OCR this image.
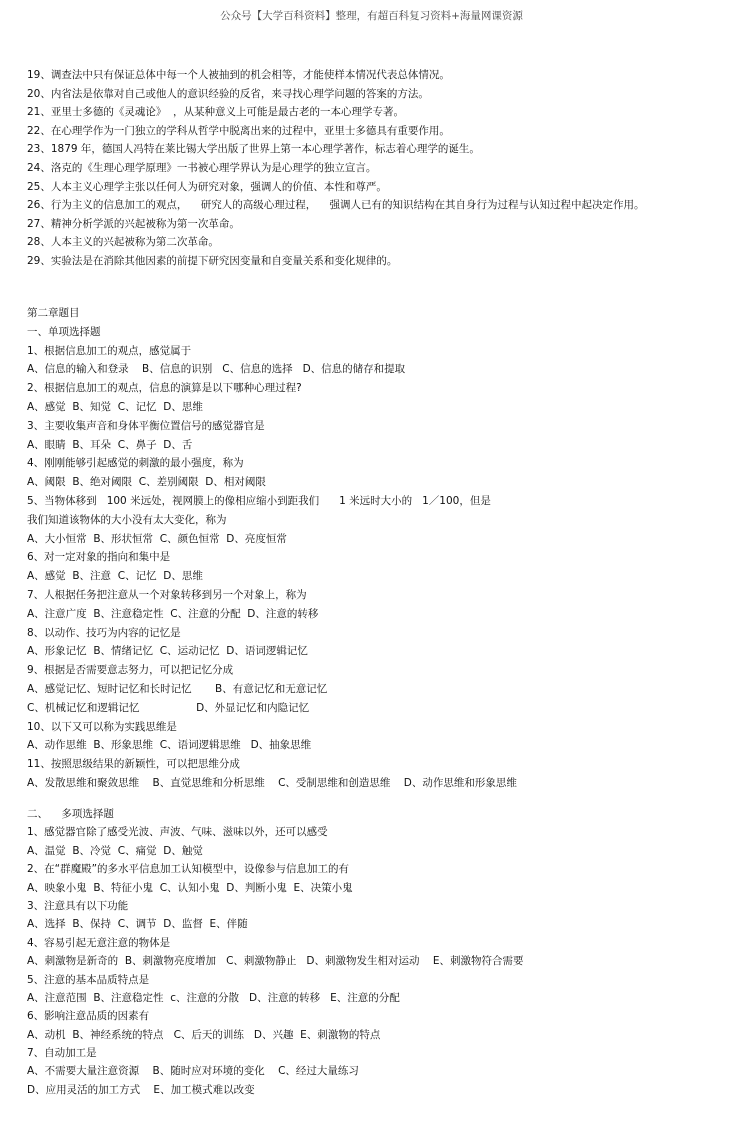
公众号【大学百科资料】整理，有超百科复习资料+海量网课资源
19、调查法中只有保证总体中每一个人被抽到的机会相等，才能使样本情况代表总体情况。
20、内省法是依靠对自己或他人的意识经验的反省，来寻找心理学问题的答案的方法。
21、亚里士多德的《灵魂论》  ，从某种意义上可能是最古老的一本心理学专著。
22、在心理学作为一门独立的学科从哲学中脱离出来的过程中，亚里士多德具有重要作用。
23、1879 年，德国人冯特在莱比锡大学出版了世界上第一本心理学著作，标志着心理学的诞生。
24、洛克的《生理心理学原理》一书被心理学界认为是心理学的独立宣言。
25、人本主义心理学主张以任何人为研究对象，强调人的价值、本性和尊严。
26、行为主义的信息加工的观点，    研究人的高级心理过程，    强调人已有的知识结构在其自身行为过程与认知过程中起决定作用。
27、精神分析学派的兴起被称为第一次革命。
28、人本主义的兴起被称为第二次革命。
29、实验法是在消除其他因素的前提下研究因变量和自变量关系和变化规律的。
第二章题目
一、单项选择题
1、根据信息加工的观点，感觉属于
A、信息的输入和登录    B、信息的识别   C、信息的选择   D、信息的储存和提取
2、根据信息加工的观点，信息的演算是以下哪种心理过程?
A、感觉  B、知觉  C、记忆  D、思维
3、主要收集声音和身体平衡位置信号的感觉器官是
A、眼睛  B、耳朵  C、鼻子  D、舌
4、刚刚能够引起感觉的刺激的最小强度，称为
A、阈限  B、绝对阈限  C、差别阈限  D、相对阈限
5、当物体移到   100 米远处，视网膜上的像相应缩小到距我们      1 米远时大小的   1／100，但是
我们知道该物体的大小没有太大变化，称为
A、大小恒常  B、形状恒常  C、颜色恒常  D、亮度恒常
6、对一定对象的指向和集中是
A、感觉  B、注意  C、记忆  D、思维
7、人根据任务把注意从一个对象转移到另一个对象上，称为
A、注意广度  B、注意稳定性  C、注意的分配  D、注意的转移
8、以动作、技巧为内容的记忆是
A、形象记忆  B、情绪记忆  C、运动记忆  D、语词逻辑记忆
9、根据是否需要意志努力，可以把记忆分成
A、感觉记忆、短时记忆和长时记忆       B、有意记忆和无意记忆
C、机械记忆和逻辑记忆                 D、外显记忆和内隐记忆
10、以下又可以称为实践思维是
A、动作思维  B、形象思维  C、语词逻辑思维   D、抽象思维
11、按照思级结果的新颖性，可以把思维分成
A、发散思维和聚敛思维    B、直觉思维和分析思维    C、受制思维和创造思维    D、动作思维和形象思维
二、    多项选择题
1、感觉器官除了感受光波、声波、气味、滋味以外，还可以感受
A、温觉  B、冷觉  C、痛觉  D、触觉
2、在“群魔殿”的多水平信息加工认知模型中，设像参与信息加工的有
A、映象小鬼  B、特征小鬼  C、认知小鬼  D、判断小鬼  E、决策小鬼
3、注意具有以下功能
A、选择  B、保持  C、调节  D、监督  E、伴随
4、容易引起无意注意的物体是
A、刺激物是新奇的  B、刺激物亮度增加   C、刺激物静止   D、刺激物发生相对运动    E、刺激物符合需要
5、注意的基本品质特点是
A、注意范围  B、注意稳定性  c、注意的分散   D、注意的转移   E、注意的分配
6、影响注意品质的因素有
A、动机  B、神经系统的特点   C、后天的训练   D、兴趣  E、刺激物的特点
7、自动加工是
A、不需要大量注意资源    B、随时应对环境的变化    C、经过大量练习
D、应用灵活的加工方式    E、加工模式难以改变
